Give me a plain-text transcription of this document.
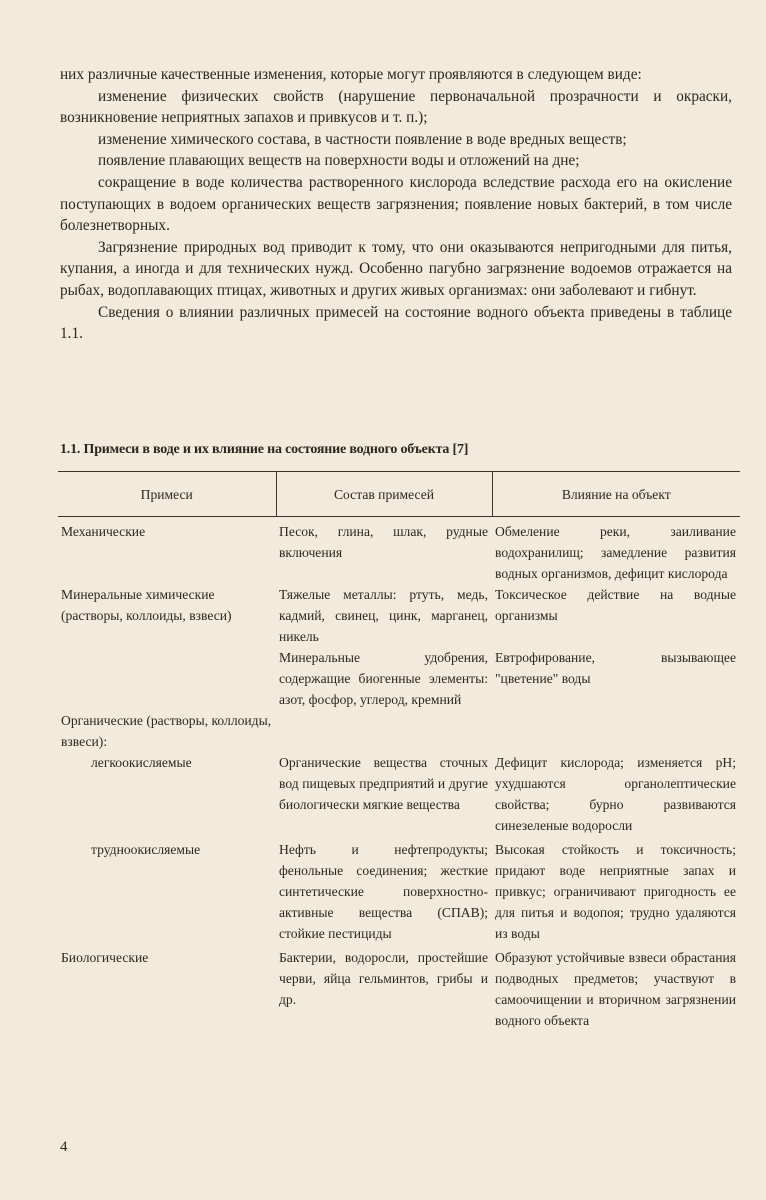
них различные качественные изменения, которые могут проявляются в следующем виде:

изменение физических свойств (нарушение первоначальной прозрачности и окраски, возникновение неприятных запахов и привкусов и т. п.);

изменение химического состава, в частности появление в воде вредных веществ;

появление плавающих веществ на поверхности воды и отложений на дне;

сокращение в воде количества растворенного кислорода вследствие расхода его на окисление поступающих в водоем органических веществ загрязнения; появление новых бактерий, в том числе болезнетворных.

Загрязнение природных вод приводит к тому, что они оказываются непригодными для питья, купания, а иногда и для технических нужд. Особенно пагубно загрязнение водоемов отражается на рыбах, водоплавающих птицах, животных и других живых организмах: они заболевают и гибнут.

Сведения о влиянии различных примесей на состояние водного объекта приведены в таблице 1.1.

1.1. Примеси в воде и их влияние на состояние водного объекта [7]
Примеси	Состав примесей	Влияние на объект
Механические	Песок, глина, шлак, рудные включения	Обмеление реки, заиливание водохранилищ; замедление развития водных организмов, дефицит кислорода
Минеральные химические (растворы, коллоиды, взвеси)	Тяжелые металлы: ртуть, медь, кадмий, свинец, цинк, марганец, никель	Токсическое действие на водные организмы
	Минеральные удобрения, содержащие биогенные элементы: азот, фосфор, углерод, кремний	Евтрофирование, вызывающее "цветение" воды
Органические (растворы, коллоиды, взвеси):		
легкоокисляемые	Органические вещества сточных вод пищевых предприятий и другие биологически мягкие вещества	Дефицит кислорода; изменяется pH; ухудшаются органолептические свойства; бурно развиваются синезеленые водоросли
трудноокисляемые	Нефть и нефтепродукты; фенольные соединения; жесткие синтетические поверхностно-активные вещества (СПАВ); стойкие пестициды	Высокая стойкость и токсичность; придают воде неприятные запах и привкус; ограничивают пригодность ее для питья и водопоя; трудно удаляются из воды
Биологические	Бактерии, водоросли, простейшие черви, яйца гельминтов, грибы и др.	Образуют устойчивые взвеси обрастания подводных предметов; участвуют в самоочищении и вторичном загрязнении водного объекта
4
